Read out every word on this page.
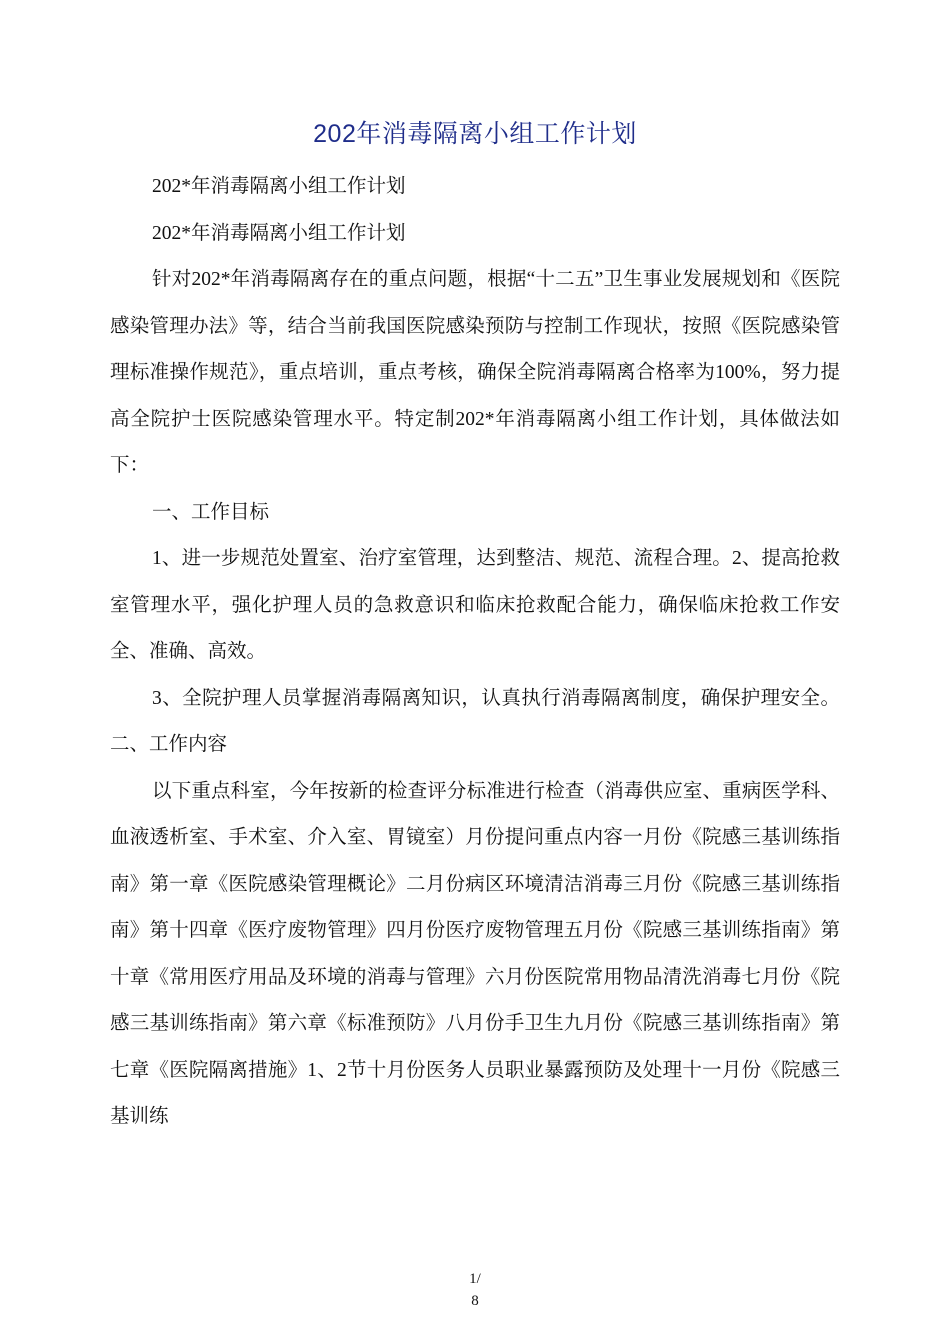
202年消毒隔离小组工作计划

202*年消毒隔离小组工作计划

202*年消毒隔离小组工作计划

针对202*年消毒隔离存在的重点问题，根据“十二五”卫生事业发展规划和《医院感染管理办法》等，结合当前我国医院感染预防与控制工作现状，按照《医院感染管理标准操作规范》，重点培训，重点考核，确保全院消毒隔离合格率为100%，努力提高全院护士医院感染管理水平。特定制202*年消毒隔离小组工作计划，具体做法如下：

一、工作目标

1、进一步规范处置室、治疗室管理，达到整洁、规范、流程合理。2、提高抢救室管理水平，强化护理人员的急救意识和临床抢救配合能力，确保临床抢救工作安全、准确、高效。

3、全院护理人员掌握消毒隔离知识，认真执行消毒隔离制度，确保护理安全。二、工作内容

以下重点科室，今年按新的检查评分标准进行检查（消毒供应室、重病医学科、血液透析室、手术室、介入室、胃镜室）月份提问重点内容一月份《院感三基训练指南》第一章《医院感染管理概论》二月份病区环境清洁消毒三月份《院感三基训练指南》第十四章《医疗废物管理》四月份医疗废物管理五月份《院感三基训练指南》第十章《常用医疗用品及环境的消毒与管理》六月份医院常用物品清洗消毒七月份《院感三基训练指南》第六章《标准预防》八月份手卫生九月份《院感三基训练指南》第七章《医院隔离措施》1、2节十月份医务人员职业暴露预防及处理十一月份《院感三基训练

1/
8
